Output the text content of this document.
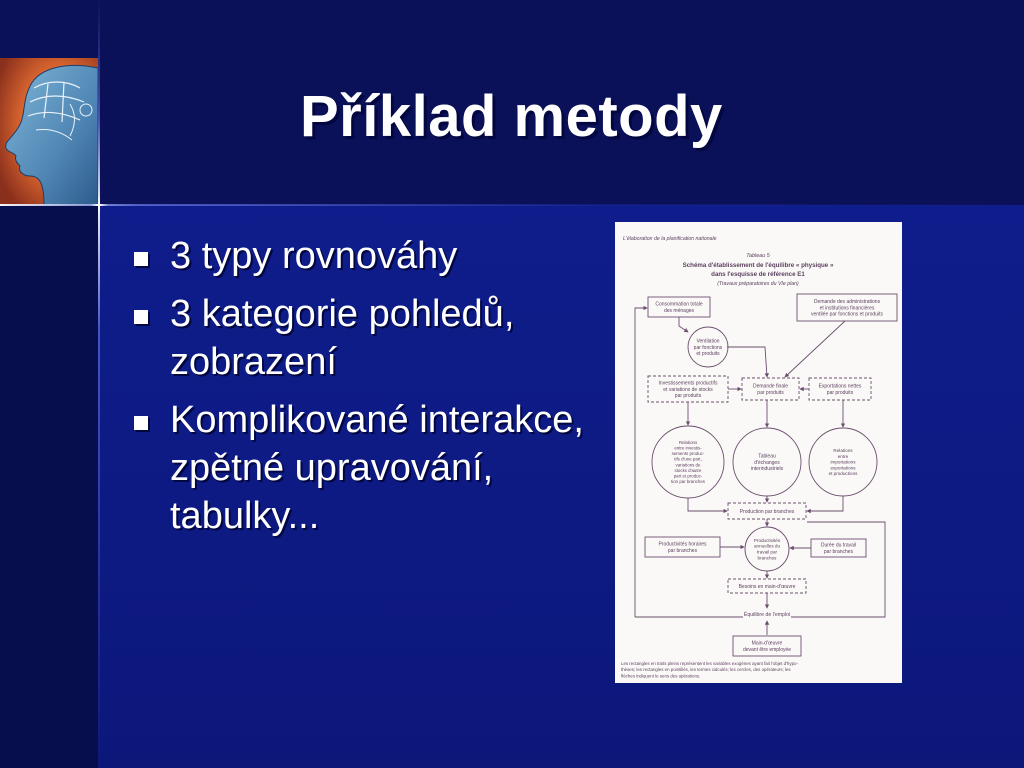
Příklad metody
3 typy rovnováhy
3 kategorie pohledů, zobrazení
Komplikované interakce, zpětné upravování, tabulky...
L'élaboration de la planification nationale
Tableau 5
Schéma d'établissement de l'équilibre « physique »
dans l'esquisse de référence E1
(Travaux préparatoires du VIe plan)
Consommation totale
des ménages
Demande des administrations
et institutions financières
ventilée par fonctions et produits
Ventilation
par fonctions
et produits
Investissements productifs
et variations de stocks
par produits
Demande finale
par produits
Exportations nettes
par produits
Relations
entre investis-
sements produc-
tifs d'une part,
variations de
stocks d'autre
part et produc-
tion par branches
Tableau
d'échanges
interindustriels
Relations
entre
importations
exportations
et productions
Production par branches
Productivités horaires
par branches
Productivités
annuelles du
travail par
branches
Durée du travail
par branches
Besoins en main-d'œuvre
Équilibre de l'emploi
Main-d'œuvre
devant être employée
Les rectangles en traits pleins représentent les variables exogènes ayant fait l'objet d'hypo-
thèses; les rectangles en pointillés, les termes calculés; les cercles, des opérateurs; les
flèches indiquent le sens des opérations.
